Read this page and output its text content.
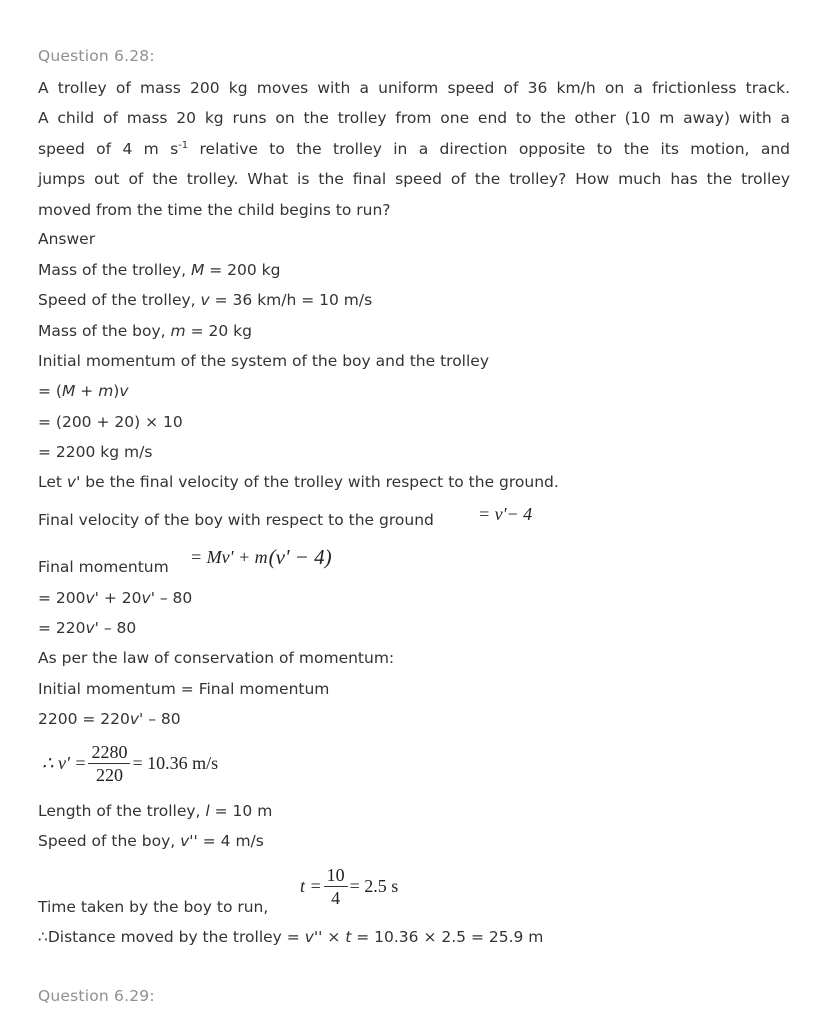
Question 6.28:
A trolley of mass 200 kg moves with a uniform speed of 36 km/h on a frictionless track.
A child of mass 20 kg runs on the trolley from one end to the other (10 m away) with a
speed of 4 m $s^{-1}$ relative to the trolley in a direction opposite to the its motion, and
jumps out of the trolley. What is the final speed of the trolley? How much has the trolley
moved from the time the child begins to run?
Answer
Mass of the trolley, M = 200 kg
Speed of the trolley, v = 36 km/h = 10 m/s
Mass of the boy, m = 20 kg
Initial momentum of the system of the boy and the trolley
= (M + m)v
= (200 + 20) × 10
= 2200 kg m/s
Let v' be the final velocity of the trolley with respect to the ground.
Final velocity of the boy with respect to the ground = v'− 4
Final momentum = Mv' + m (v' − 4)
= 200v' + 20v' – 80
= 220v' – 80
As per the law of conservation of momentum:
Initial momentum = Final momentum
2200 = 220v' – 80
∴ $v' = \frac{2280}{220} = 10.36$ m/s
Length of the trolley, l = 10 m
Speed of the boy, v'' = 4 m/s
Time taken by the boy to run,
$t = \frac{10}{4} = 2.5$ s
∴Distance moved by the trolley = v'' × t = 10.36 × 2.5 = 25.9 m
Question 6.29:
